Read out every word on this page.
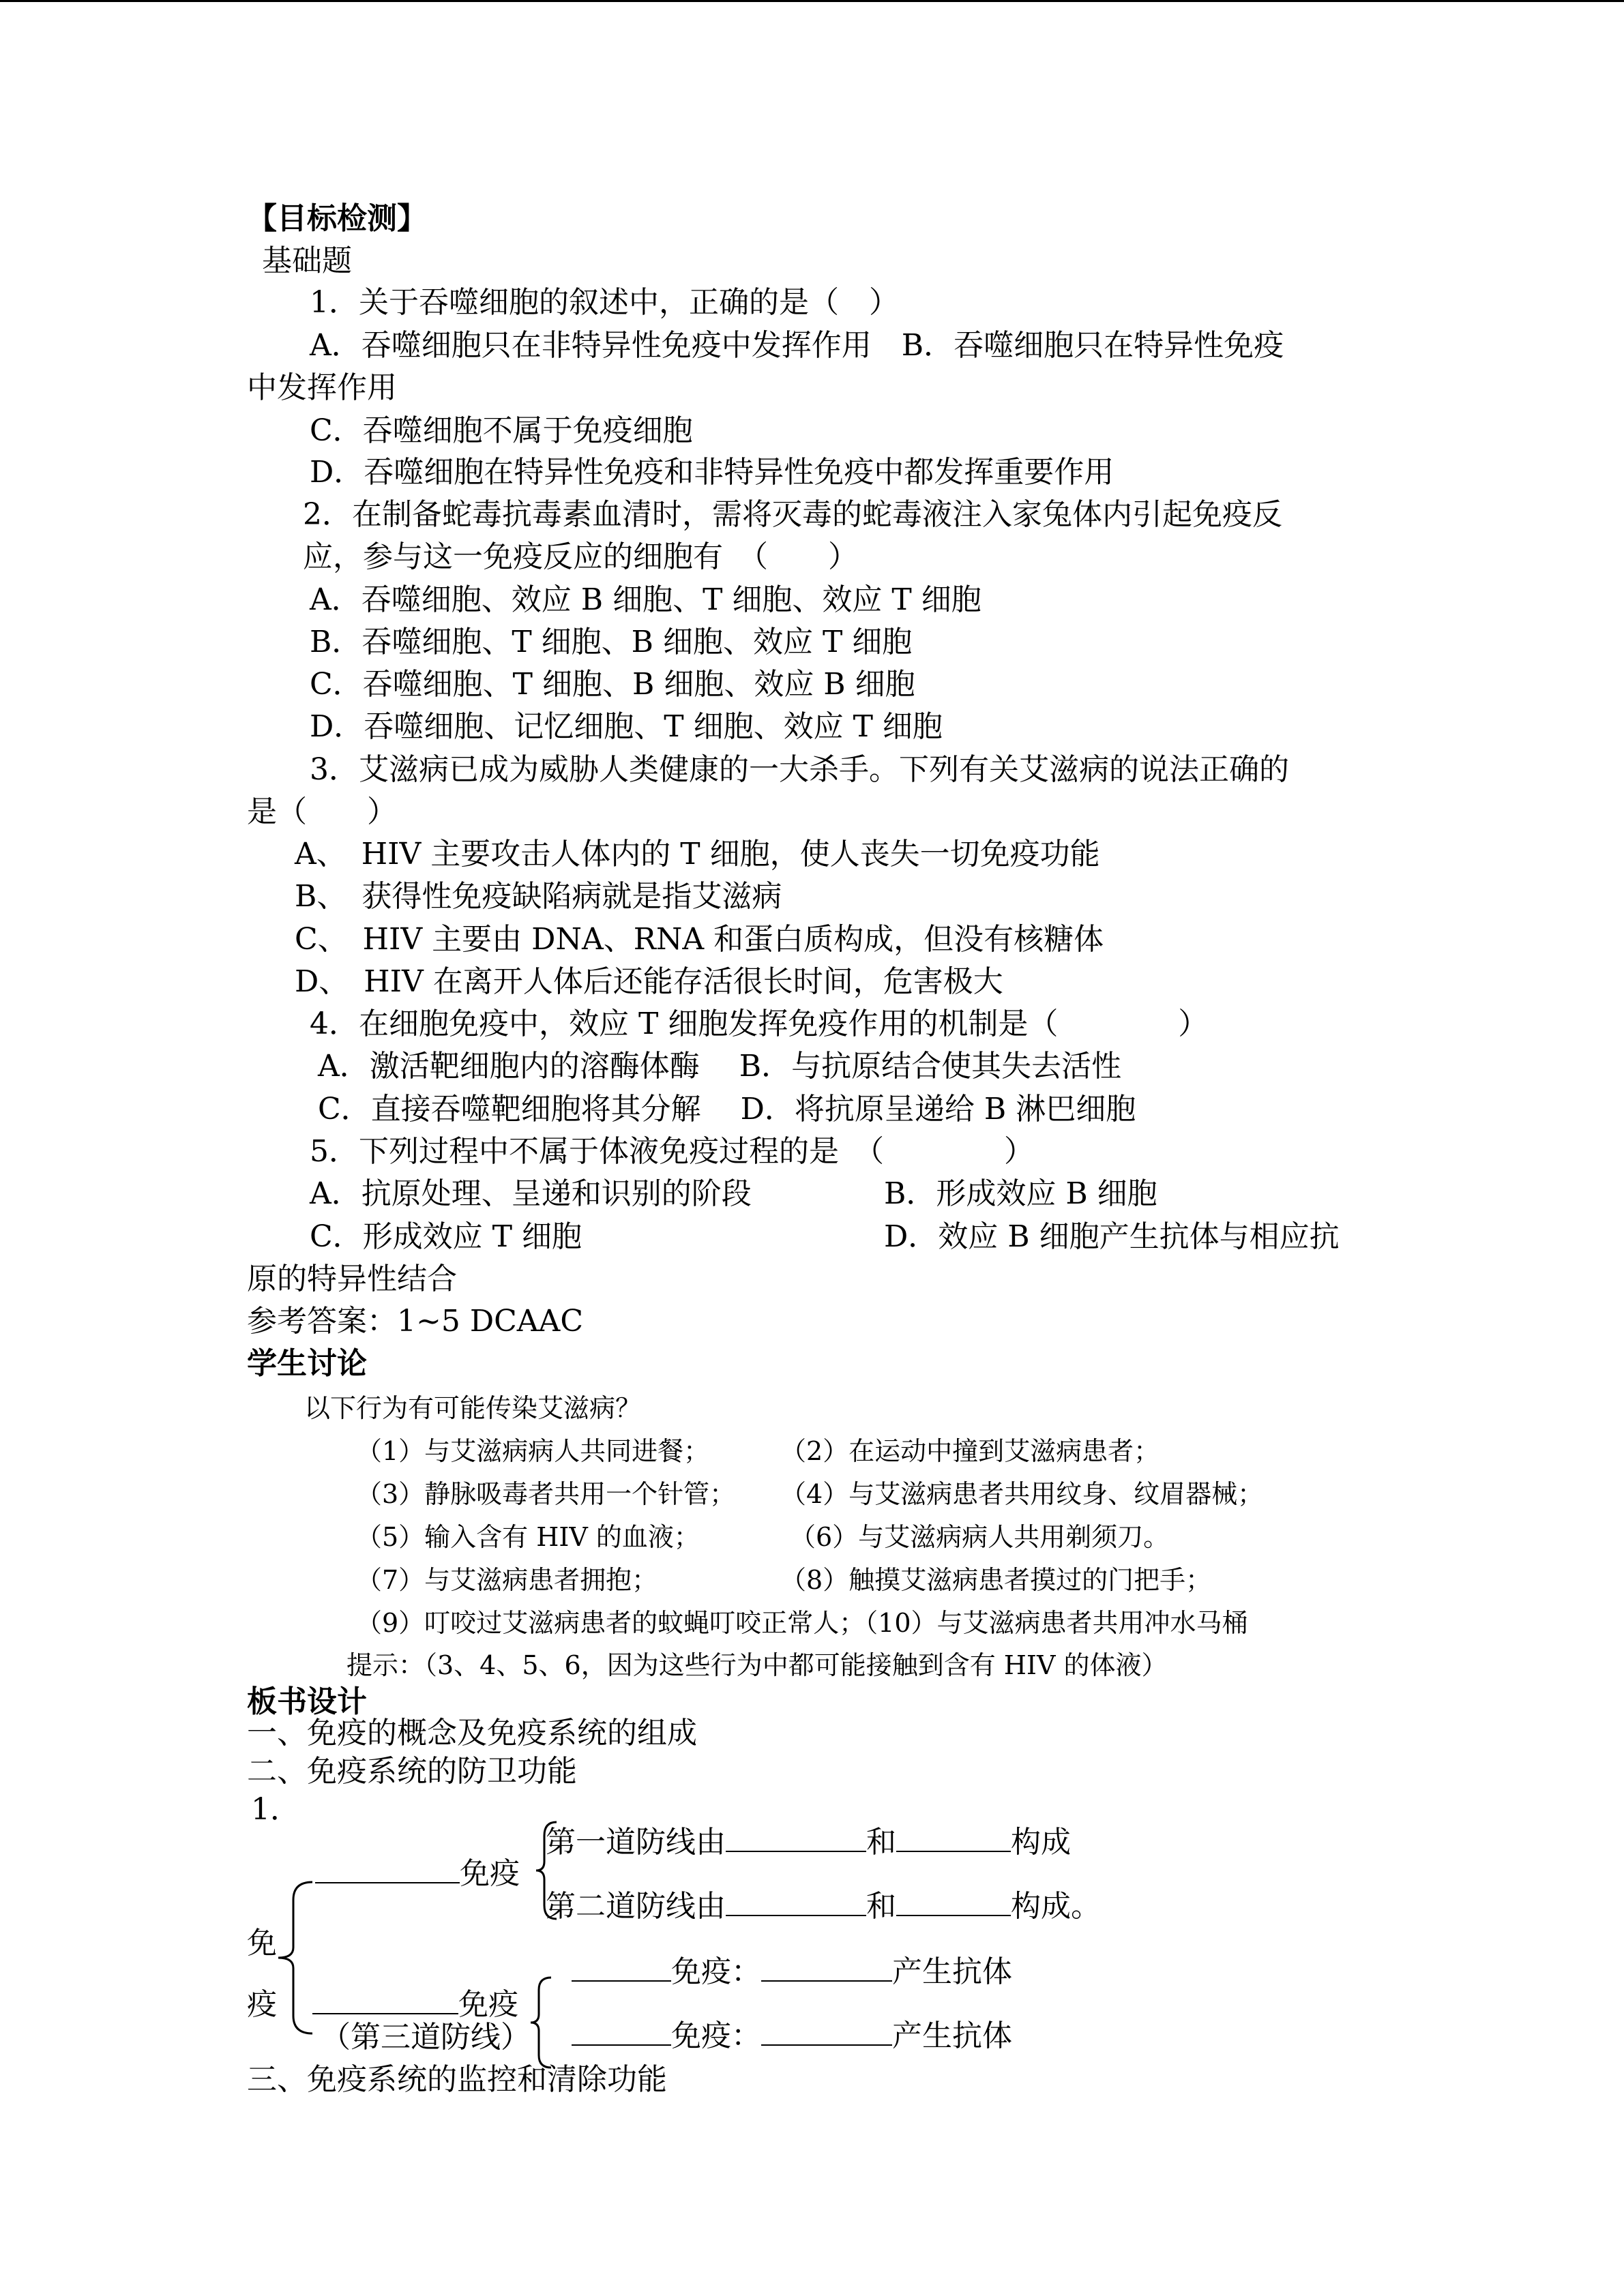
【目标检测】
基础题
1．关于吞噬细胞的叙述中，正确的是（　）
A．吞噬细胞只在非特异性免疫中发挥作用　B．吞噬细胞只在特异性免疫
中发挥作用
C．吞噬细胞不属于免疫细胞
D．吞噬细胞在特异性免疫和非特异性免疫中都发挥重要作用
2．在制备蛇毒抗毒素血清时，需将灭毒的蛇毒液注入家兔体内引起免疫反
应，参与这一免疫反应的细胞有　（　　）
A．吞噬细胞、效应 B 细胞、T 细胞、效应 T 细胞
B．吞噬细胞、T 细胞、B 细胞、效应 T 细胞
C．吞噬细胞、T 细胞、B 细胞、效应 B 细胞
D．吞噬细胞、记忆细胞、T 细胞、效应 T 细胞
3．艾滋病已成为威胁人类健康的一大杀手。下列有关艾滋病的说法正确的
是（　　）
A、　HIV 主要攻击人体内的 T 细胞，使人丧失一切免疫功能
B、　获得性免疫缺陷病就是指艾滋病
C、　HIV 主要由 DNA、RNA 和蛋白质构成，但没有核糖体
D、　HIV 在离开人体后还能存活很长时间，危害极大
4．在细胞免疫中，效应 T 细胞发挥免疫作用的机制是（　　　　）
A．激活靶细胞内的溶酶体酶　 B．与抗原结合使其失去活性
C．直接吞噬靶细胞将其分解　 D．将抗原呈递给 B 淋巴细胞
5．下列过程中不属于体液免疫过程的是　（　　　　）
A．抗原处理、呈递和识别的阶段	B．形成效应 B 细胞
C．形成效应 T 细胞	D．效应 B 细胞产生抗体与相应抗
原的特异性结合
参考答案：1~5 DCAAC
学生讨论
以下行为有可能传染艾滋病？
（1）与艾滋病病人共同进餐；	（2）在运动中撞到艾滋病患者；
（3）静脉吸毒者共用一个针管； （4）与艾滋病患者共用纹身、纹眉器械；
（5）输入含有 HIV 的血液；	（6）与艾滋病病人共用剃须刀。
（7）与艾滋病患者拥抱；	（8）触摸艾滋病患者摸过的门把手；
（9）叮咬过艾滋病患者的蚊蝇叮咬正常人；（10）与艾滋病患者共用冲水马桶
提示：（3、4、5、6，因为这些行为中都可能接触到含有 HIV 的体液）
板书设计
一、免疫的概念及免疫系统的组成
二、免疫系统的防卫功能
1．
免疫
第一道防线由	和	构成
第二道防线由	和	构成。
免
疫	免疫
（第三道防线）
免疫：	产生抗体
免疫：	产生抗体
三、免疫系统的监控和清除功能
